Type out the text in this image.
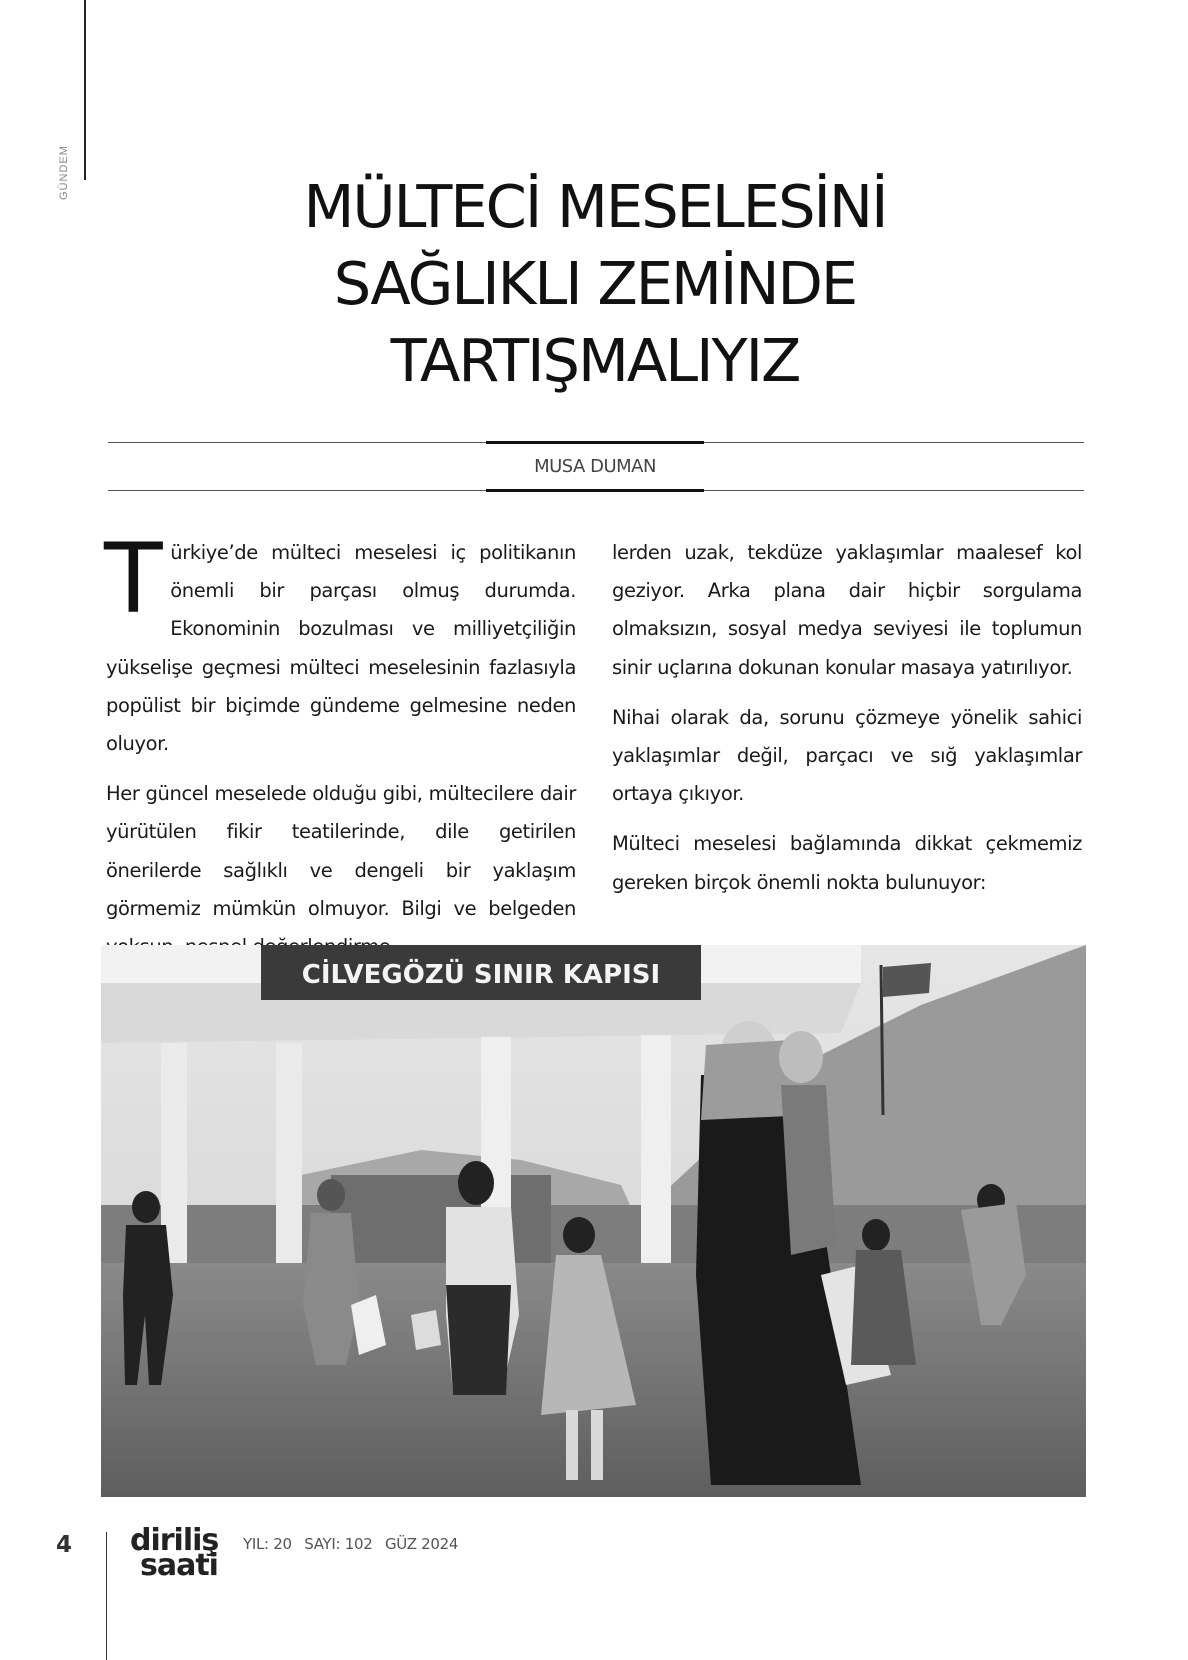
GÜNDEM	MÜLTECİ MESELESİNİ
SAĞLIKLI ZEMİNDE
TARTIŞMALIYIZ
MUSA DUMAN

Türkiye’de mülteci meselesi iç politikanın önemli bir parçası olmuş durumda. Ekonominin bozulması ve milliyetçiliğin yükselişe geçmesi mülteci meselesinin fazlasıyla popülist bir biçimde gündeme gelmesine neden oluyor.

Her güncel meselede olduğu gibi, mültecilere dair yürütülen fikir teatilerinde, dile getirilen önerilerde sağlıklı ve dengeli bir yaklaşım görmemiz mümkün olmuyor. Bilgi ve belgeden

lerden uzak, tekdüze yaklaşımlar maalesef kol geziyor. Arka plana dair hiçbir sorgulama olmaksızın, sosyal medya seviyesi ile toplumun sinir uçlarına dokunan konular masaya yatırılıyor.

Nihai olarak da, sorunu çözmeye yönelik sahici yaklaşımlar değil, parçacı ve sığ yaklaşımlar ortaya çıkıyor.

Mülteci meselesi bağlamında dikkat çekmemiz gereken birçok önemli nokta bulunuyor:

CİLVEGÖZÜ SINIR KAPISI
4 diriliş
saati
YIL: 20 SAYI: 102 GÜZ 2024
